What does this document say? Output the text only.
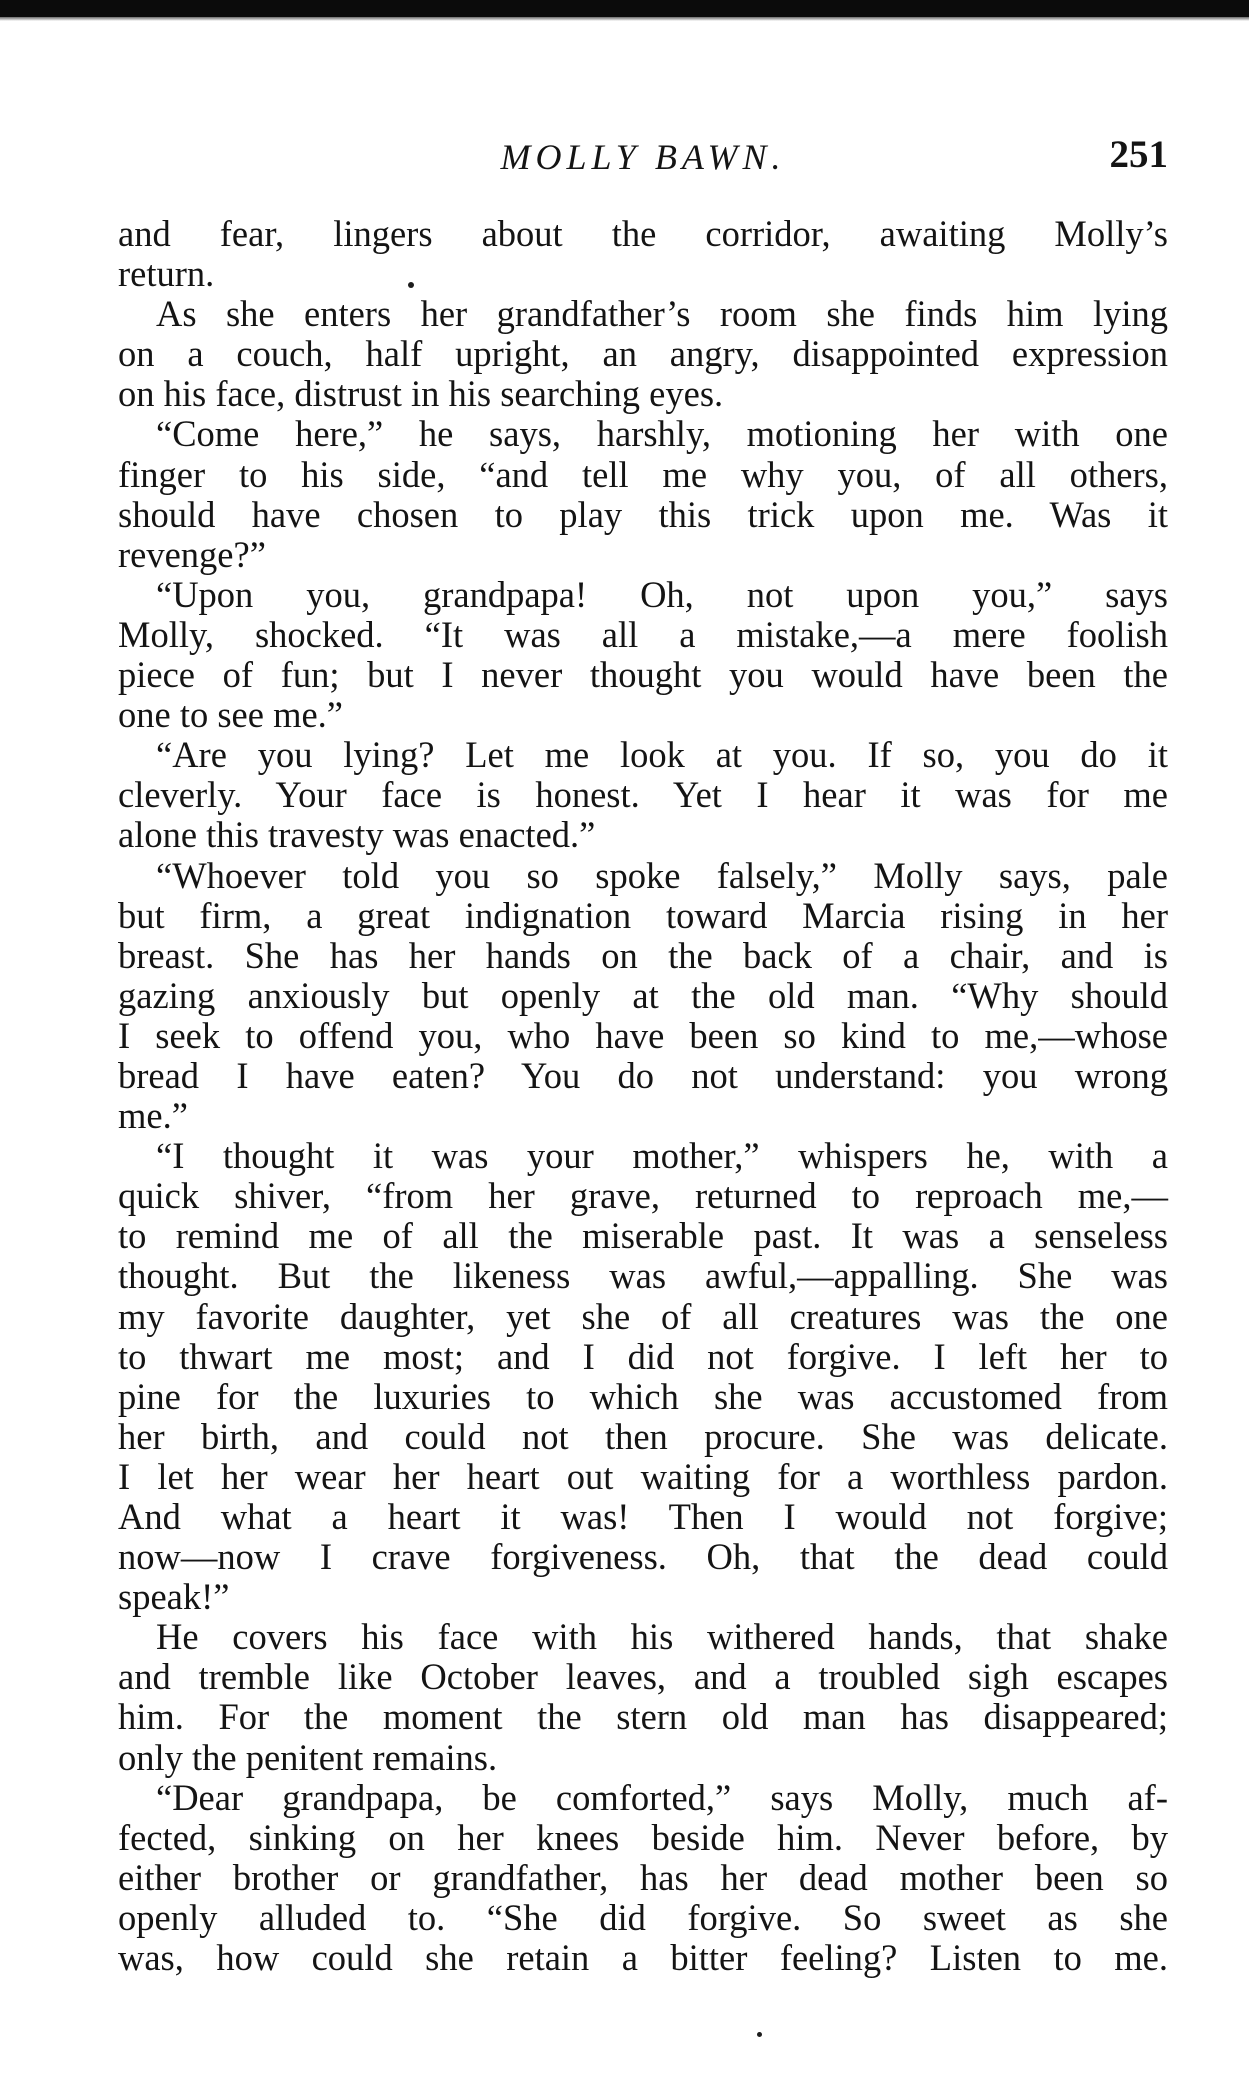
MOLLY BAWN.	251
and fear, lingers about the corridor, awaiting Molly’s
return.
As she enters her grandfather’s room she finds him lying
on a couch, half upright, an angry, disappointed expression
on his face, distrust in his searching eyes.
“Come here,” he says, harshly, motioning her with one
finger to his side, “and tell me why you, of all others,
should have chosen to play this trick upon me. Was it
revenge?”
“Upon you, grandpapa! Oh, not upon you,” says
Molly, shocked. “It was all a mistake,—a mere foolish
piece of fun; but I never thought you would have been the
one to see me.”
“Are you lying? Let me look at you. If so, you do it
cleverly. Your face is honest. Yet I hear it was for me
alone this travesty was enacted.”
“Whoever told you so spoke falsely,” Molly says, pale
but firm, a great indignation toward Marcia rising in her
breast. She has her hands on the back of a chair, and is
gazing anxiously but openly at the old man. “Why should
I seek to offend you, who have been so kind to me,—whose
bread I have eaten? You do not understand: you wrong
me.”
“I thought it was your mother,” whispers he, with a
quick shiver, “from her grave, returned to reproach me,—
to remind me of all the miserable past. It was a senseless
thought. But the likeness was awful,—appalling. She was
my favorite daughter, yet she of all creatures was the one
to thwart me most; and I did not forgive. I left her to
pine for the luxuries to which she was accustomed from
her birth, and could not then procure. She was delicate.
I let her wear her heart out waiting for a worthless pardon.
And what a heart it was! Then I would not forgive;
now—now I crave forgiveness. Oh, that the dead could
speak!”
He covers his face with his withered hands, that shake
and tremble like October leaves, and a troubled sigh escapes
him. For the moment the stern old man has disappeared;
only the penitent remains.
“Dear grandpapa, be comforted,” says Molly, much af-
fected, sinking on her knees beside him. Never before, by
either brother or grandfather, has her dead mother been so
openly alluded to. “She did forgive. So sweet as she
was, how could she retain a bitter feeling? Listen to me.
